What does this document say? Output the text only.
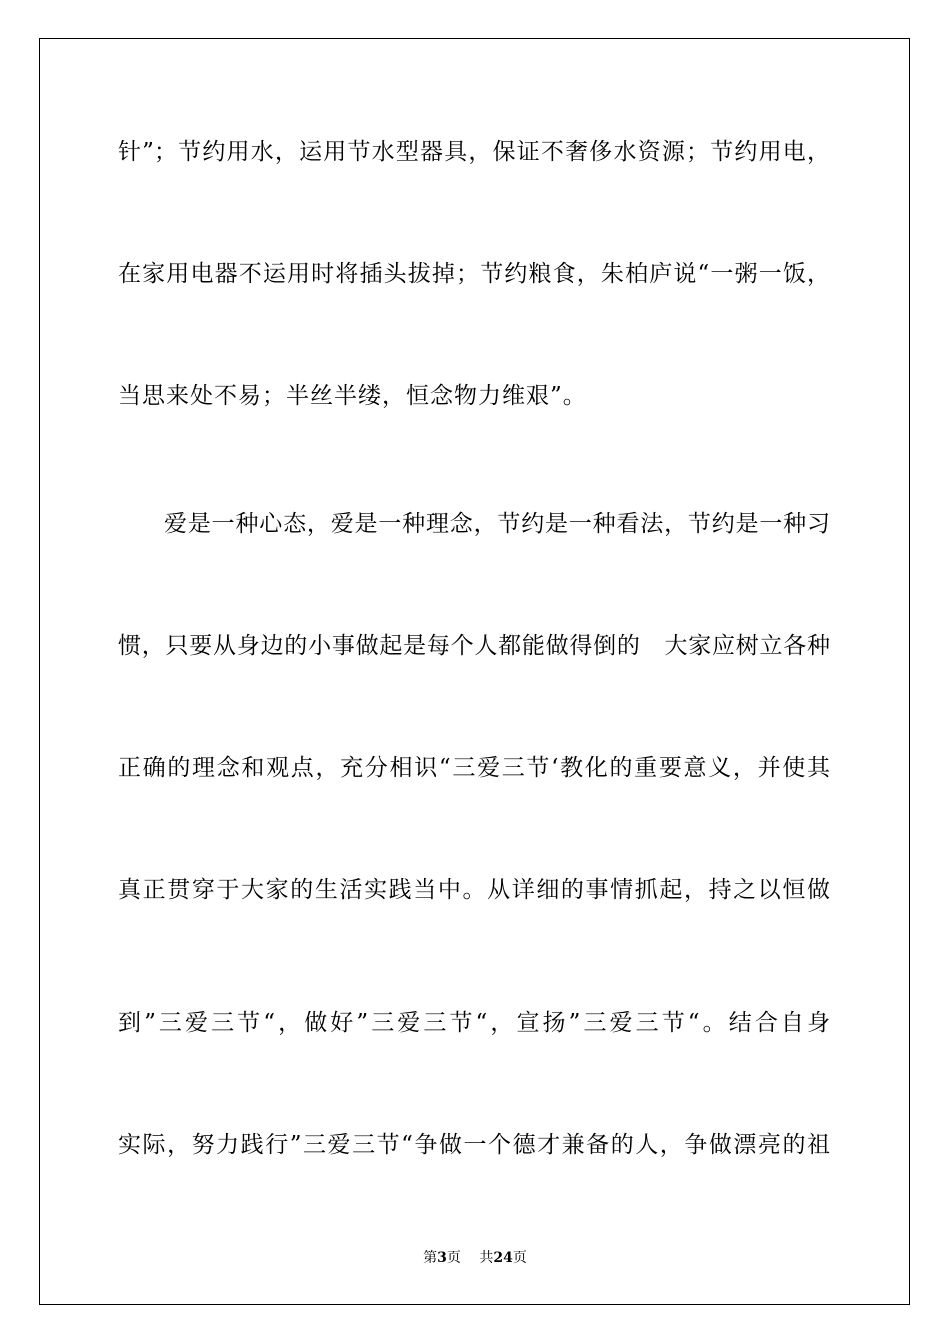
针”；节约用水，运用节水型器具，保证不奢侈水资源；节约用电，
在家用电器不运用时将插头拔掉；节约粮食，朱柏庐说“一粥一饭，
当思来处不易；半丝半缕，恒念物力维艰”。
爱是一种心态，爱是一种理念，节约是一种看法，节约是一种习
惯，只要从身边的小事做起是每个人都能做得倒的　大家应树立各种
正确的理念和观点，充分相识“三爱三节‘教化的重要意义，并使其
真正贯穿于大家的生活实践当中。从详细的事情抓起，持之以恒做
到”三爱三节“，做好”三爱三节“，宣扬”三爱三节“。结合自身
实际，努力践行”三爱三节“争做一个德才兼备的人，争做漂亮的祖
第3页　 共24页
